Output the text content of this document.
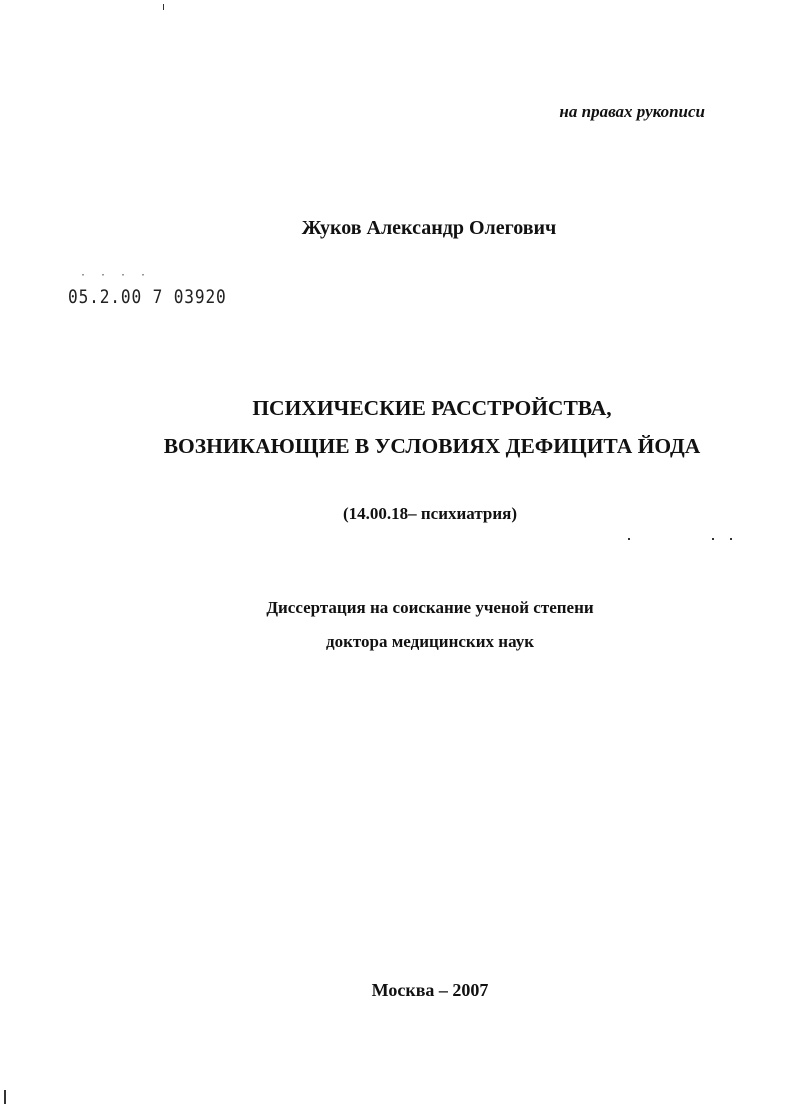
на правах рукописи
Жуков Александр Олегович
····
05.2.00 7 03920
ПСИХИЧЕСКИЕ РАССТРОЙСТВА,
ВОЗНИКАЮЩИЕ В УСЛОВИЯХ ДЕФИЦИТА ЙОДА
(14.00.18– психиатрия)
Диссертация на соискание ученой степени
доктора медицинских наук
Москва – 2007
